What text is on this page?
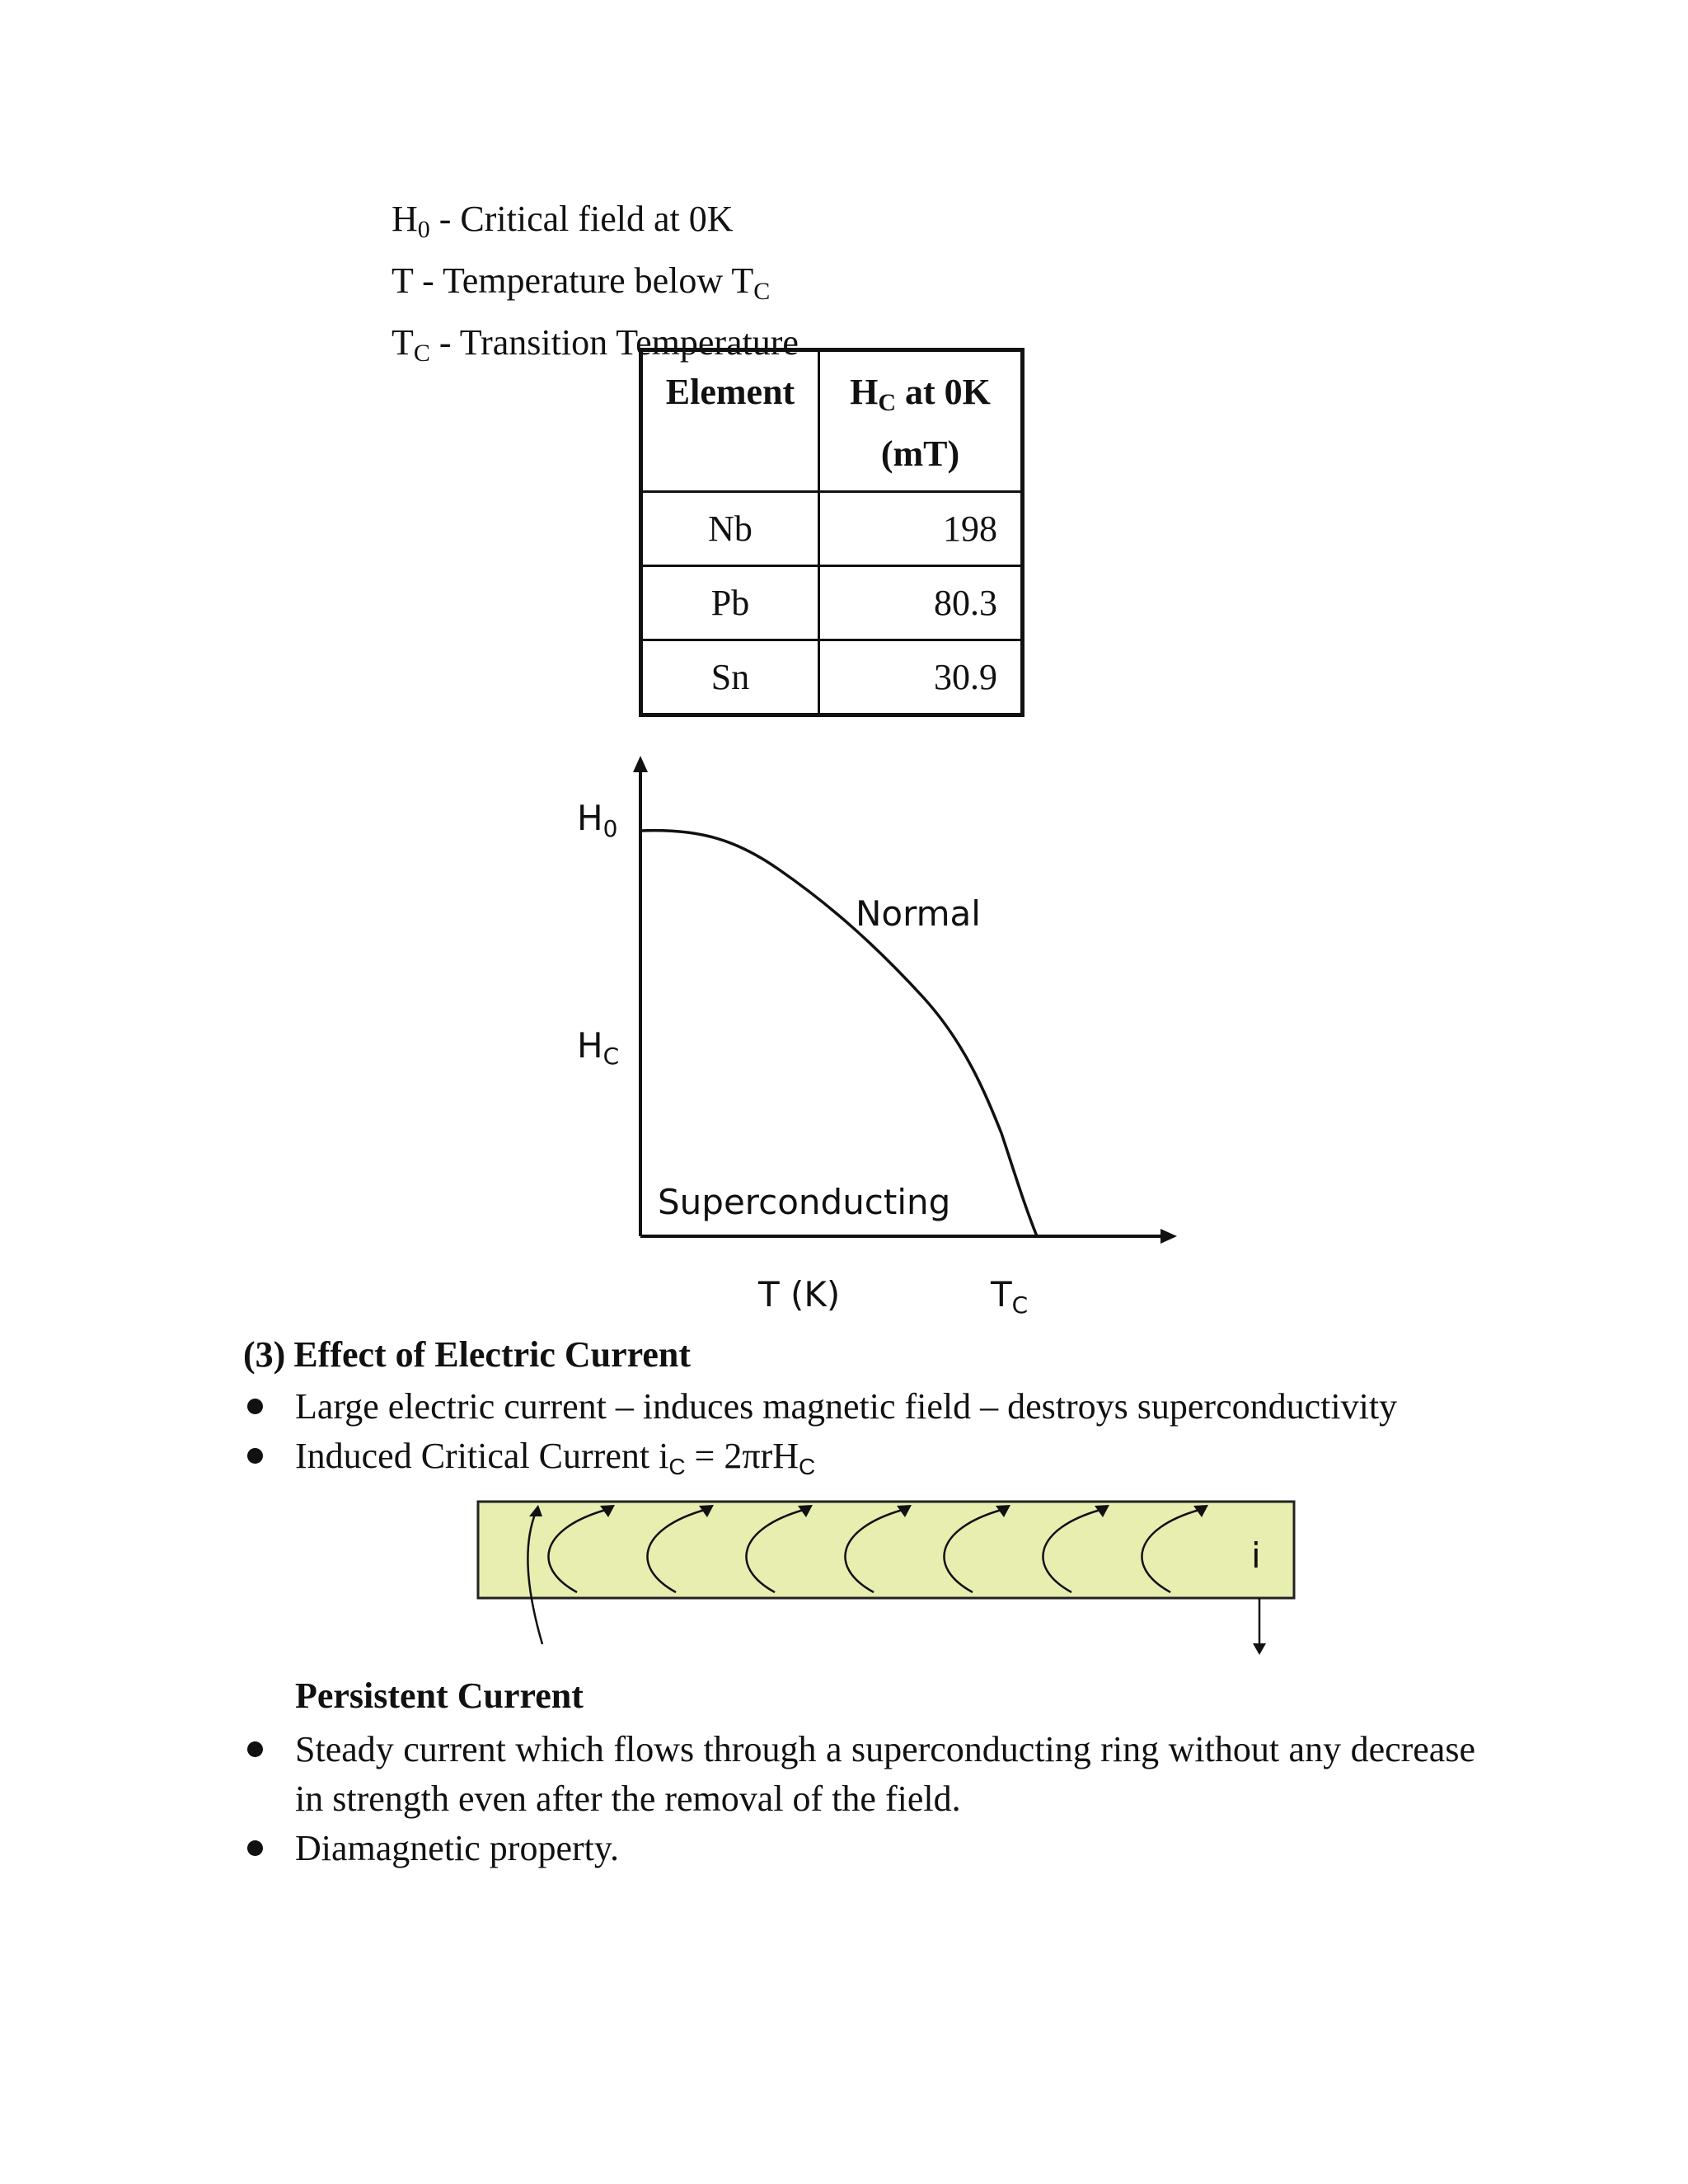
$H_0$ - Critical field at 0K
T - Temperature below $T_C$
$T_C$ - Transition Temperature
Element	$H_C$ at 0K
(mT)
Nb	198
Pb	80.3
Sn	30.9
H0
HC
Normal
Superconducting
T (K)	TC
(3) Effect of Electric Current
Large electric current – induces magnetic field – destroys superconductivity
Induced Critical Current iC = 2πrHC
i
Persistent Current
Steady current which flows through a superconducting ring without any decrease in strength even after the removal of the field.
Diamagnetic property.
